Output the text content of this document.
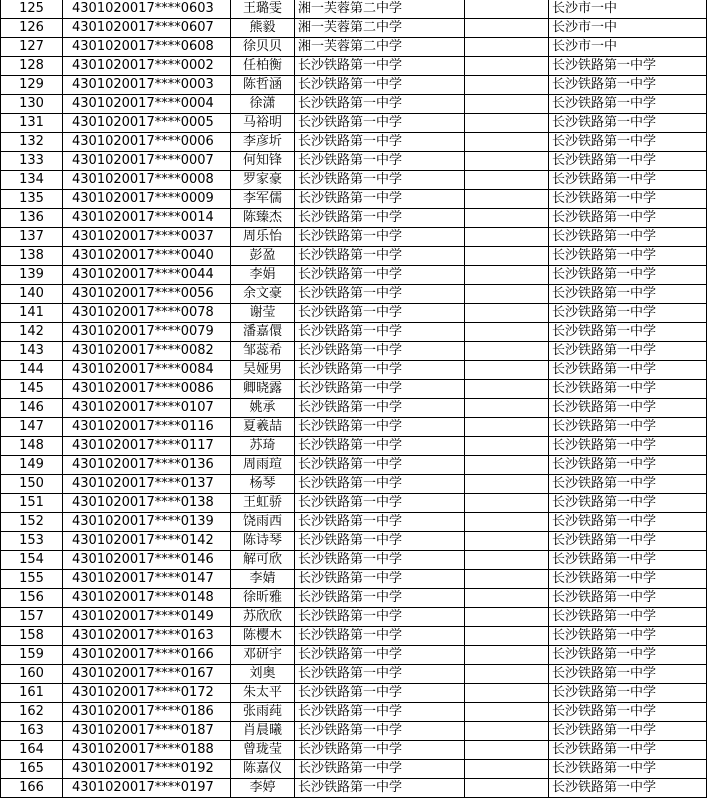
125	4301020017****0603	王璐雯	湘一芙蓉第二中学		长沙市一中
126	4301020017****0607	熊毅	湘一芙蓉第二中学		长沙市一中
127	4301020017****0608	徐贝贝	湘一芙蓉第二中学		长沙市一中
128	4301020017****0002	任柏衡	长沙铁路第一中学		长沙铁路第一中学
129	4301020017****0003	陈哲涵	长沙铁路第一中学		长沙铁路第一中学
130	4301020017****0004	徐潇	长沙铁路第一中学		长沙铁路第一中学
131	4301020017****0005	马裕明	长沙铁路第一中学		长沙铁路第一中学
132	4301020017****0006	李彦圻	长沙铁路第一中学		长沙铁路第一中学
133	4301020017****0007	何知锋	长沙铁路第一中学		长沙铁路第一中学
134	4301020017****0008	罗家豪	长沙铁路第一中学		长沙铁路第一中学
135	4301020017****0009	李军儒	长沙铁路第一中学		长沙铁路第一中学
136	4301020017****0014	陈臻杰	长沙铁路第一中学		长沙铁路第一中学
137	4301020017****0037	周乐怡	长沙铁路第一中学		长沙铁路第一中学
138	4301020017****0040	彭盈	长沙铁路第一中学		长沙铁路第一中学
139	4301020017****0044	李娟	长沙铁路第一中学		长沙铁路第一中学
140	4301020017****0056	余文豪	长沙铁路第一中学		长沙铁路第一中学
141	4301020017****0078	谢莹	长沙铁路第一中学		长沙铁路第一中学
142	4301020017****0079	潘嘉儇	长沙铁路第一中学		长沙铁路第一中学
143	4301020017****0082	邹蕊希	长沙铁路第一中学		长沙铁路第一中学
144	4301020017****0084	吴娅男	长沙铁路第一中学		长沙铁路第一中学
145	4301020017****0086	卿晓露	长沙铁路第一中学		长沙铁路第一中学
146	4301020017****0107	姚承	长沙铁路第一中学		长沙铁路第一中学
147	4301020017****0116	夏羲喆	长沙铁路第一中学		长沙铁路第一中学
148	4301020017****0117	苏琦	长沙铁路第一中学		长沙铁路第一中学
149	4301020017****0136	周雨瑄	长沙铁路第一中学		长沙铁路第一中学
150	4301020017****0137	杨琴	长沙铁路第一中学		长沙铁路第一中学
151	4301020017****0138	王虹骄	长沙铁路第一中学		长沙铁路第一中学
152	4301020017****0139	饶雨西	长沙铁路第一中学		长沙铁路第一中学
153	4301020017****0142	陈诗琴	长沙铁路第一中学		长沙铁路第一中学
154	4301020017****0146	解可欣	长沙铁路第一中学		长沙铁路第一中学
155	4301020017****0147	李婧	长沙铁路第一中学		长沙铁路第一中学
156	4301020017****0148	徐昕雅	长沙铁路第一中学		长沙铁路第一中学
157	4301020017****0149	苏欣欣	长沙铁路第一中学		长沙铁路第一中学
158	4301020017****0163	陈樱木	长沙铁路第一中学		长沙铁路第一中学
159	4301020017****0166	邓研宇	长沙铁路第一中学		长沙铁路第一中学
160	4301020017****0167	刘奥	长沙铁路第一中学		长沙铁路第一中学
161	4301020017****0172	朱太平	长沙铁路第一中学		长沙铁路第一中学
162	4301020017****0186	张雨莼	长沙铁路第一中学		长沙铁路第一中学
163	4301020017****0187	肖晨曦	长沙铁路第一中学		长沙铁路第一中学
164	4301020017****0188	曾珑莹	长沙铁路第一中学		长沙铁路第一中学
165	4301020017****0192	陈嘉仪	长沙铁路第一中学		长沙铁路第一中学
166	4301020017****0197	李婷	长沙铁路第一中学		长沙铁路第一中学
